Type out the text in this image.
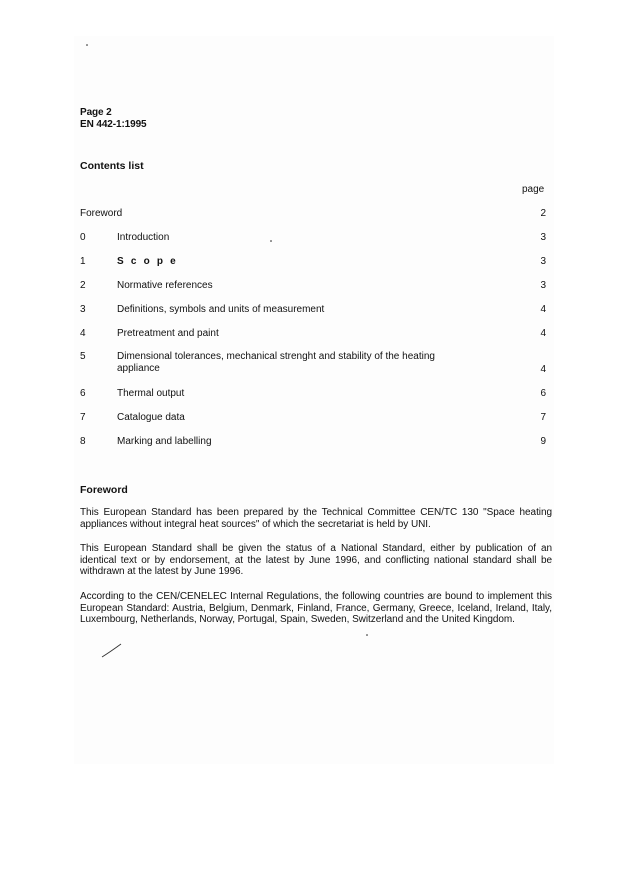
Page 2
EN 442-1:1995
Contents list
page
Foreword	2
0	Introduction	3
1	S c o p e	3
2	Normative references	3
3	Definitions, symbols and units of measurement	4
4	Pretreatment and paint	4
5	Dimensional tolerances, mechanical strenght and stability of the heating appliance	4
6	Thermal output	6
7	Catalogue data	7
8	Marking and labelling	9
Foreword

This European Standard has been prepared by the Technical Committee CEN/TC 130 "Space heating appliances without integral heat sources" of which the secretariat is held by UNI.

This European Standard shall be given the status of a National Standard, either by publication of an identical text or by endorsement, at the latest by June 1996, and conflicting national standard shall be withdrawn at the latest by June 1996.

According to the CEN/CENELEC Internal Regulations, the following countries are bound to implement this European Standard: Austria, Belgium, Denmark, Finland, France, Germany, Greece, Iceland, Ireland, Italy, Luxembourg, Netherlands, Norway, Portugal, Spain, Sweden, Switzerland and the United Kingdom.
